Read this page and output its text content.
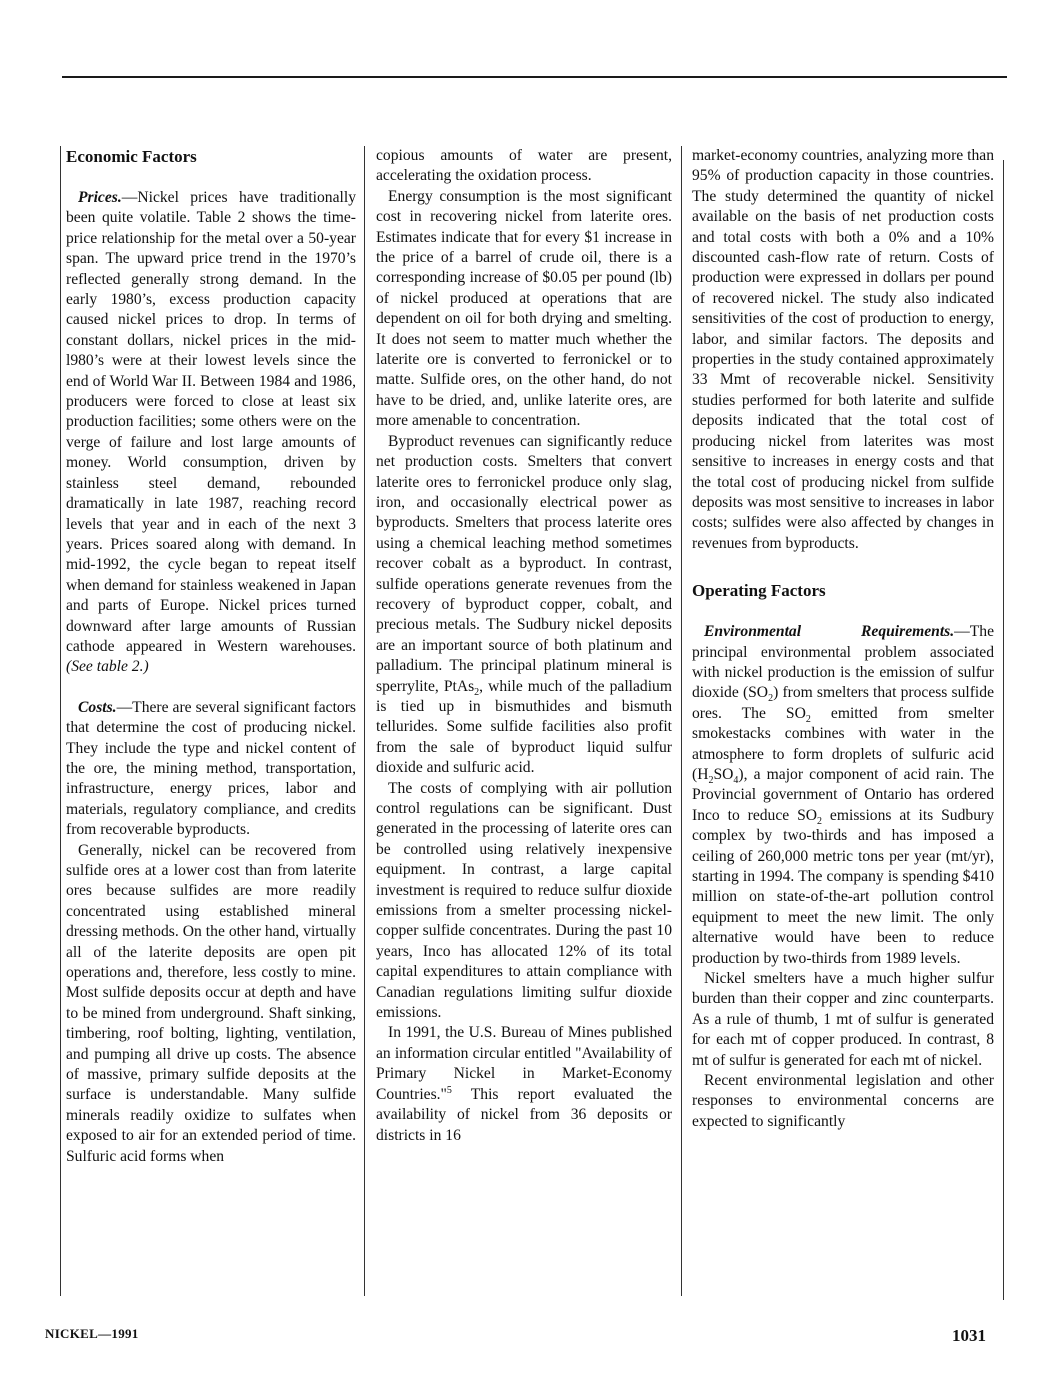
Economic Factors

Prices.—Nickel prices have traditionally been quite volatile. Table 2 shows the time-price relationship for the metal over a 50-year span. The upward price trend in the 1970’s reflected generally strong demand. In the early 1980’s, excess production capacity caused nickel prices to drop. In terms of constant dollars, nickel prices in the mid-l980’s were at their lowest levels since the end of World War II. Between 1984 and 1986, producers were forced to close at least six production facilities; some others were on the verge of failure and lost large amounts of money. World consumption, driven by stainless steel demand, rebounded dramatically in late 1987, reaching record levels that year and in each of the next 3 years. Prices soared along with demand. In mid-1992, the cycle began to repeat itself when demand for stainless weakened in Japan and parts of Europe. Nickel prices turned downward after large amounts of Russian cathode appeared in Western warehouses. (See table 2.)

Costs.—There are several significant factors that determine the cost of producing nickel. They include the type and nickel content of the ore, the mining method, transportation, infrastructure, energy prices, labor and materials, regulatory compliance, and credits from recoverable byproducts.

Generally, nickel can be recovered from sulfide ores at a lower cost than from laterite ores because sulfides are more readily concentrated using established mineral dressing methods. On the other hand, virtually all of the laterite deposits are open pit operations and, therefore, less costly to mine. Most sulfide deposits occur at depth and have to be mined from underground. Shaft sinking, timbering, roof bolting, lighting, ventilation, and pumping all drive up costs. The absence of massive, primary sulfide deposits at the surface is understandable. Many sulfide minerals readily oxidize to sulfates when exposed to air for an extended period of time. Sulfuric acid forms when

copious amounts of water are present, accelerating the oxidation process.

Energy consumption is the most significant cost in recovering nickel from laterite ores. Estimates indicate that for every $1 increase in the price of a barrel of crude oil, there is a corresponding increase of $0.05 per pound (lb) of nickel produced at operations that are dependent on oil for both drying and smelting. It does not seem to matter much whether the laterite ore is converted to ferronickel or to matte. Sulfide ores, on the other hand, do not have to be dried, and, unlike laterite ores, are more amenable to concentration.

Byproduct revenues can significantly reduce net production costs. Smelters that convert laterite ores to ferronickel produce only slag, iron, and occasionally electrical power as byproducts. Smelters that process laterite ores using a chemical leaching method sometimes recover cobalt as a byproduct. In contrast, sulfide operations generate revenues from the recovery of byproduct copper, cobalt, and precious metals. The Sudbury nickel deposits are an important source of both platinum and palladium. The principal platinum mineral is sperrylite, PtAs$_2$, while much of the palladium is tied up in bismuthides and bismuth tellurides. Some sulfide facilities also profit from the sale of byproduct liquid sulfur dioxide and sulfuric acid.

The costs of complying with air pollution control regulations can be significant. Dust generated in the processing of laterite ores can be controlled using relatively inexpensive equipment. In contrast, a large capital investment is required to reduce sulfur dioxide emissions from a smelter processing nickel-copper sulfide concentrates. During the past 10 years, Inco has allocated 12% of its total capital expenditures to attain compliance with Canadian regulations limiting sulfur dioxide emissions.

In 1991, the U.S. Bureau of Mines published an information circular entitled "Availability of Primary Nickel in Market-Economy Countries."$^5$ This report evaluated the availability of nickel from 36 deposits or districts in 16

market-economy countries, analyzing more than 95% of production capacity in those countries. The study determined the quantity of nickel available on the basis of net production costs and total costs with both a 0% and a 10% discounted cash-flow rate of return. Costs of production were expressed in dollars per pound of recovered nickel. The study also indicated sensitivities of the cost of production to energy, labor, and similar factors. The deposits and properties in the study contained approximately 33 Mmt of recoverable nickel. Sensitivity studies performed for both laterite and sulfide deposits indicated that the total cost of producing nickel from laterites was most sensitive to increases in energy costs and that the total cost of producing nickel from sulfide deposits was most sensitive to increases in labor costs; sulfides were also affected by changes in revenues from byproducts.

Operating Factors

Environmental Requirements.—The principal environmental problem associated with nickel production is the emission of sulfur dioxide $(SO_2)$ from smelters that process sulfide ores. The $SO_2$ emitted from smelter smokestacks combines with water in the atmosphere to form droplets of sulfuric acid $(H_2SO_4)$, a major component of acid rain. The Provincial government of Ontario has ordered Inco to reduce $SO_2$ emissions at its Sudbury complex by two-thirds and has imposed a ceiling of 260,000 metric tons per year (mt/yr), starting in 1994. The company is spending $410 million on state-of-the-art pollution control equipment to meet the new limit. The only alternative would have been to reduce production by two-thirds from 1989 levels.

Nickel smelters have a much higher sulfur burden than their copper and zinc counterparts. As a rule of thumb, 1 mt of sulfur is generated for each mt of copper produced. In contrast, 8 mt of sulfur is generated for each mt of nickel.

Recent environmental legislation and other responses to environmental concerns are expected to significantly

NICKEL—1991	1031
